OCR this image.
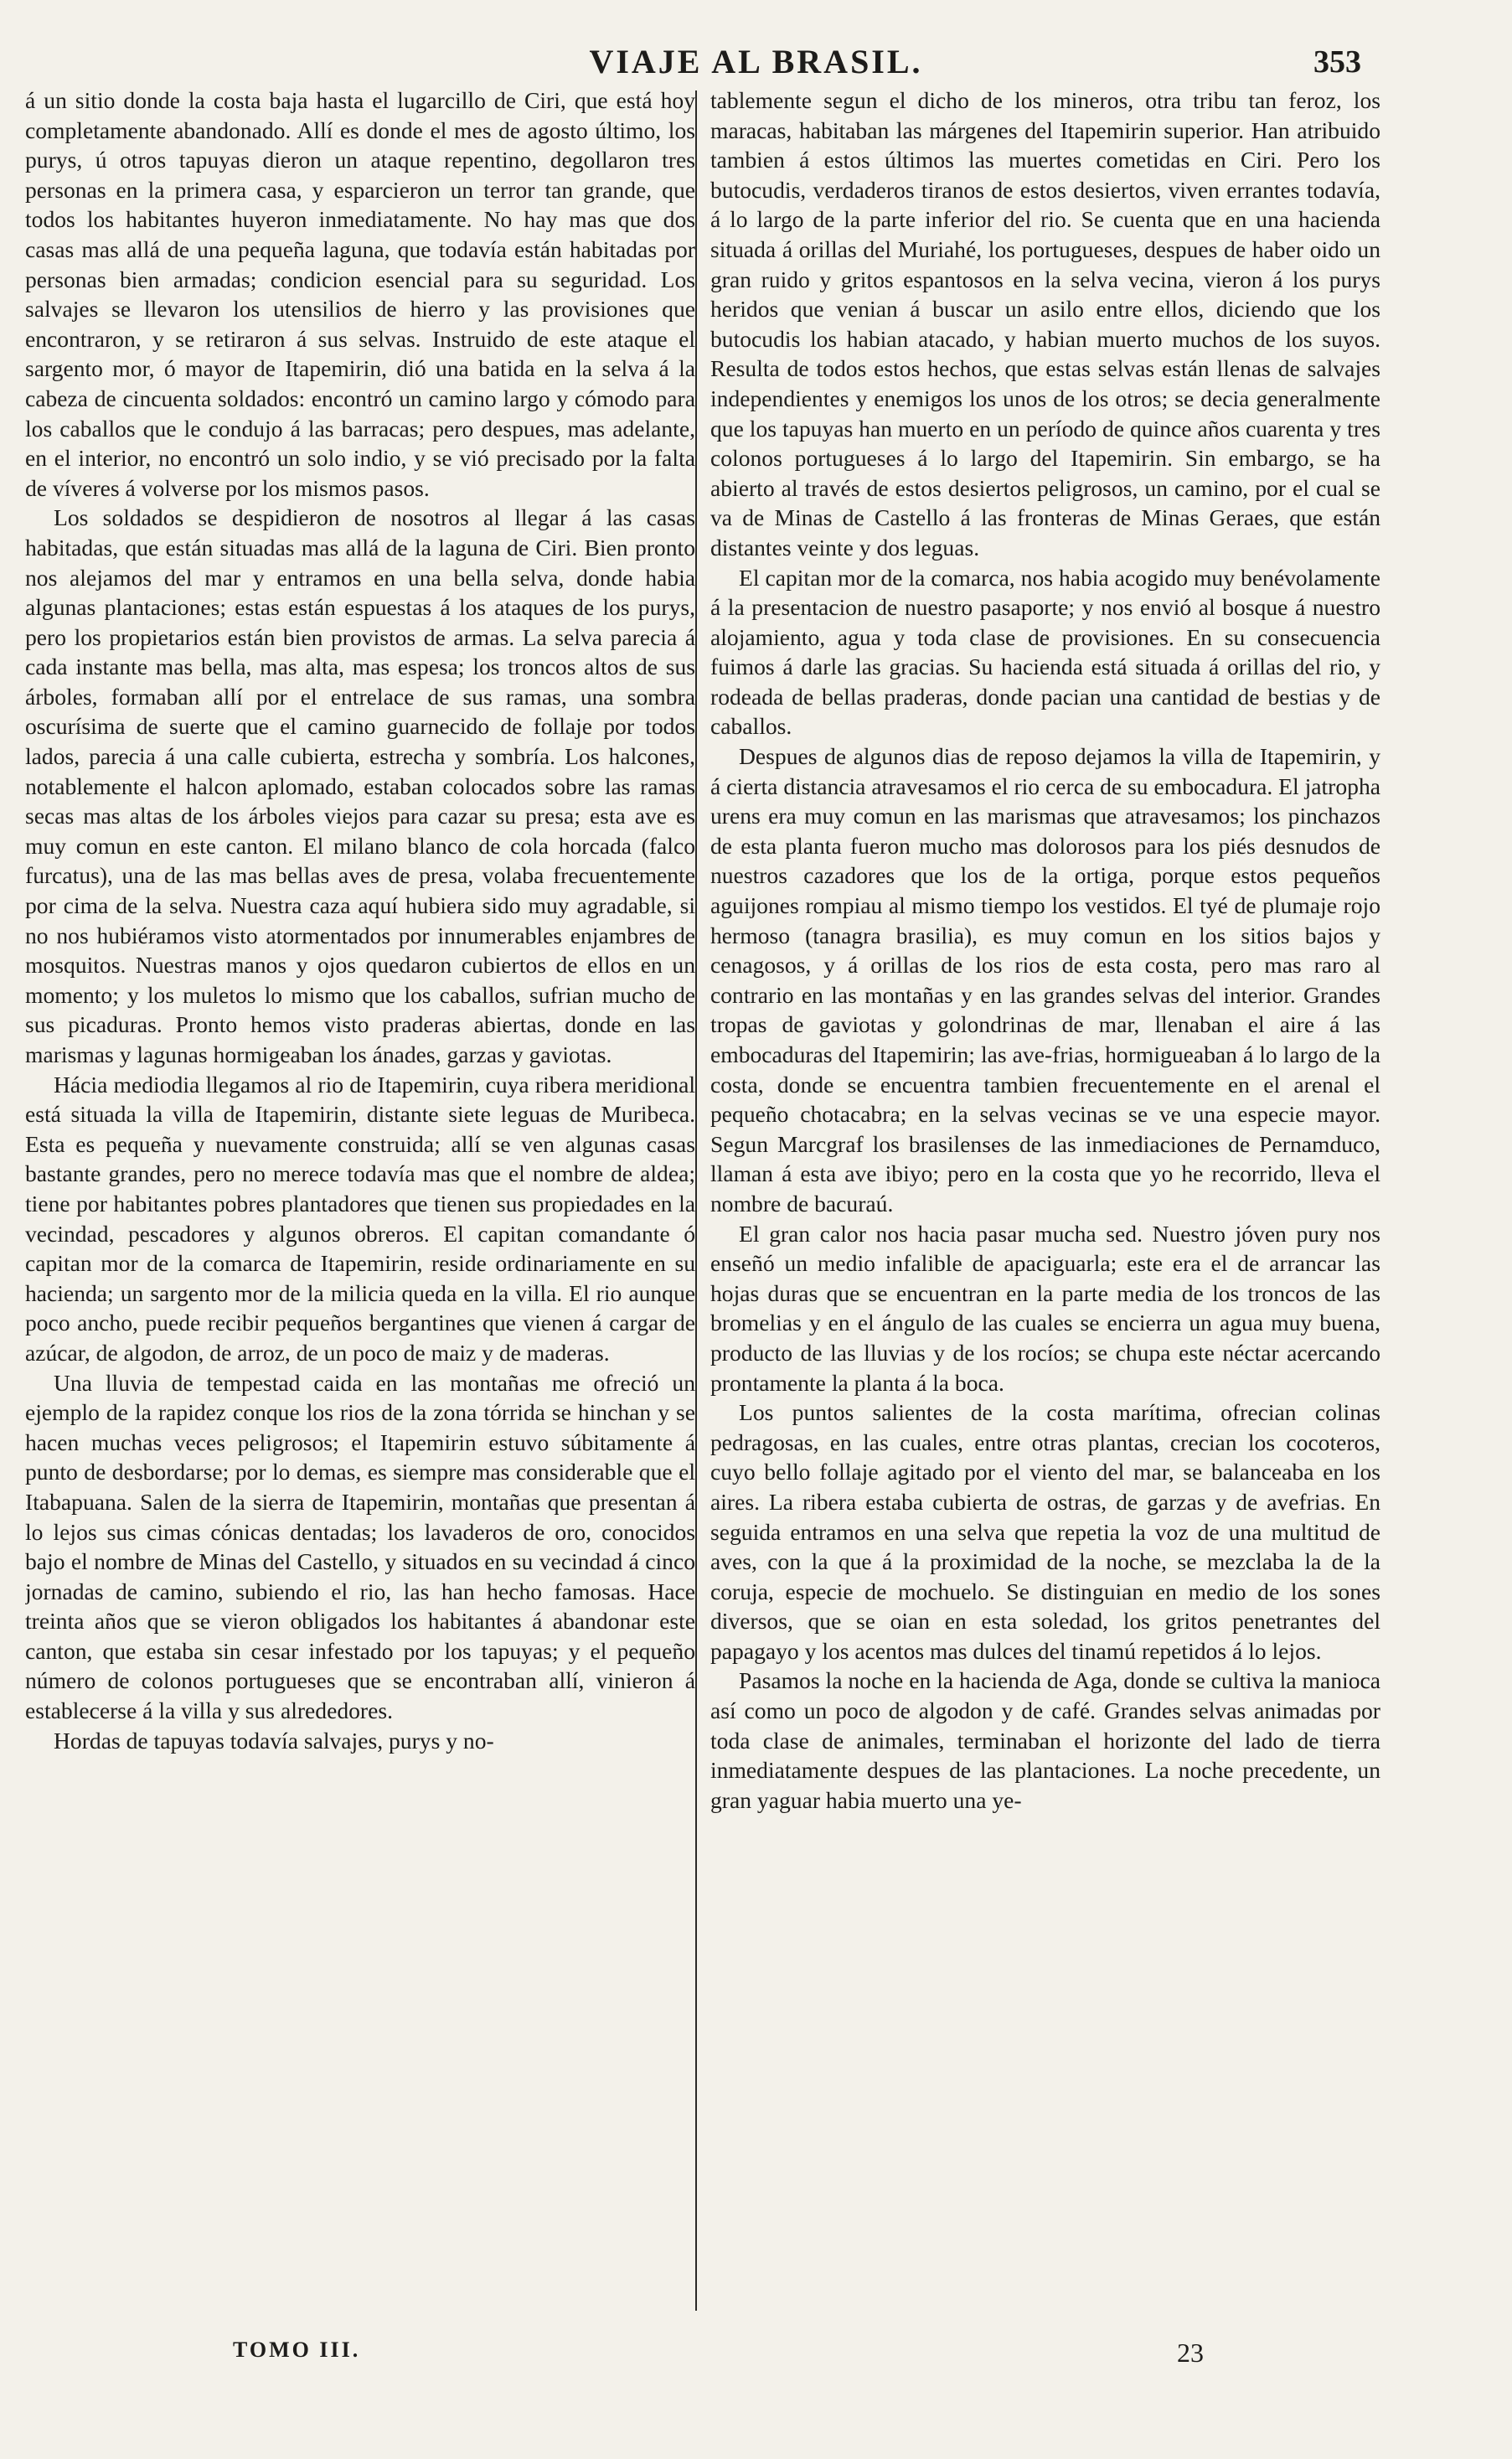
VIAJE AL BRASIL.	353

á un sitio donde la costa baja hasta el lugarcillo de Ciri, que está hoy completamente abandonado. Allí es donde el mes de agosto último, los purys, ú otros tapuyas dieron un ataque repentino, degollaron tres personas en la primera casa, y esparcieron un terror tan grande, que todos los habitantes huyeron inmediatamente. No hay mas que dos casas mas allá de una pequeña laguna, que todavía están habitadas por personas bien armadas; condicion esencial para su seguridad. Los salvajes se llevaron los utensilios de hierro y las provisiones que encontraron, y se retiraron á sus selvas. Instruido de este ataque el sargento mor, ó mayor de Itapemirin, dió una batida en la selva á la cabeza de cincuenta soldados: encontró un camino largo y cómodo para los caballos que le condujo á las barracas; pero despues, mas adelante, en el interior, no encontró un solo indio, y se vió precisado por la falta de víveres á volverse por los mismos pasos.

Los soldados se despidieron de nosotros al llegar á las casas habitadas, que están situadas mas allá de la laguna de Ciri. Bien pronto nos alejamos del mar y entramos en una bella selva, donde habia algunas plantaciones; estas están espuestas á los ataques de los purys, pero los propietarios están bien provistos de armas. La selva parecia á cada instante mas bella, mas alta, mas espesa; los troncos altos de sus árboles, formaban allí por el entrelace de sus ramas, una sombra oscurísima de suerte que el camino guarnecido de follaje por todos lados, parecia á una calle cubierta, estrecha y sombría. Los halcones, notablemente el halcon aplomado, estaban colocados sobre las ramas secas mas altas de los árboles viejos para cazar su presa; esta ave es muy comun en este canton. El milano blanco de cola horcada (falco furcatus), una de las mas bellas aves de presa, volaba frecuentemente por cima de la selva. Nuestra caza aquí hubiera sido muy agradable, si no nos hubiéramos visto atormentados por innumerables enjambres de mosquitos. Nuestras manos y ojos quedaron cubiertos de ellos en un momento; y los muletos lo mismo que los caballos, sufrian mucho de sus picaduras. Pronto hemos visto praderas abiertas, donde en las marismas y lagunas hormigeaban los ánades, garzas y gaviotas.

Hácia mediodia llegamos al rio de Itapemirin, cuya ribera meridional está situada la villa de Itapemirin, distante siete leguas de Muribeca. Esta es pequeña y nuevamente construida; allí se ven algunas casas bastante grandes, pero no merece todavía mas que el nombre de aldea; tiene por habitantes pobres plantadores que tienen sus propiedades en la vecindad, pescadores y algunos obreros. El capitan comandante ó capitan mor de la comarca de Itapemirin, reside ordinariamente en su hacienda; un sargento mor de la milicia queda en la villa. El rio aunque poco ancho, puede recibir pequeños bergantines que vienen á cargar de azúcar, de algodon, de arroz, de un poco de maiz y de maderas.

Una lluvia de tempestad caida en las montañas me ofreció un ejemplo de la rapidez conque los rios de la zona tórrida se hinchan y se hacen muchas veces peligrosos; el Itapemirin estuvo súbitamente á punto de desbordarse; por lo demas, es siempre mas considerable que el Itabapuana. Salen de la sierra de Itapemirin, montañas que presentan á lo lejos sus cimas cónicas dentadas; los lavaderos de oro, conocidos bajo el nombre de Minas del Castello, y situados en su vecindad á cinco jornadas de camino, subiendo el rio, las han hecho famosas. Hace treinta años que se vieron obligados los habitantes á abandonar este canton, que estaba sin cesar infestado por los tapuyas; y el pequeño número de colonos portugueses que se encontraban allí, vinieron á establecerse á la villa y sus alrededores.

Hordas de tapuyas todavía salvajes, purys y no-

tablemente segun el dicho de los mineros, otra tribu tan feroz, los maracas, habitaban las márgenes del Itapemirin superior. Han atribuido tambien á estos últimos las muertes cometidas en Ciri. Pero los butocudis, verdaderos tiranos de estos desiertos, viven errantes todavía, á lo largo de la parte inferior del rio. Se cuenta que en una hacienda situada á orillas del Muriahé, los portugueses, despues de haber oido un gran ruido y gritos espantosos en la selva vecina, vieron á los purys heridos que venian á buscar un asilo entre ellos, diciendo que los butocudis los habian atacado, y habian muerto muchos de los suyos. Resulta de todos estos hechos, que estas selvas están llenas de salvajes independientes y enemigos los unos de los otros; se decia generalmente que los tapuyas han muerto en un período de quince años cuarenta y tres colonos portugueses á lo largo del Itapemirin. Sin embargo, se ha abierto al través de estos desiertos peligrosos, un camino, por el cual se va de Minas de Castello á las fronteras de Minas Geraes, que están distantes veinte y dos leguas.

El capitan mor de la comarca, nos habia acogido muy benévolamente á la presentacion de nuestro pasaporte; y nos envió al bosque á nuestro alojamiento, agua y toda clase de provisiones. En su consecuencia fuimos á darle las gracias. Su hacienda está situada á orillas del rio, y rodeada de bellas praderas, donde pacian una cantidad de bestias y de caballos.

Despues de algunos dias de reposo dejamos la villa de Itapemirin, y á cierta distancia atravesamos el rio cerca de su embocadura. El jatropha urens era muy comun en las marismas que atravesamos; los pinchazos de esta planta fueron mucho mas dolorosos para los piés desnudos de nuestros cazadores que los de la ortiga, porque estos pequeños aguijones rompiau al mismo tiempo los vestidos. El tyé de plumaje rojo hermoso (tanagra brasilia), es muy comun en los sitios bajos y cenagosos, y á orillas de los rios de esta costa, pero mas raro al contrario en las montañas y en las grandes selvas del interior. Grandes tropas de gaviotas y golondrinas de mar, llenaban el aire á las embocaduras del Itapemirin; las ave-frias, hormigueaban á lo largo de la costa, donde se encuentra tambien frecuentemente en el arenal el pequeño chotacabra; en la selvas vecinas se ve una especie mayor. Segun Marcgraf los brasilenses de las inmediaciones de Pernamduco, llaman á esta ave ibiyo; pero en la costa que yo he recorrido, lleva el nombre de bacuraú.

El gran calor nos hacia pasar mucha sed. Nuestro jóven pury nos enseñó un medio infalible de apaciguarla; este era el de arrancar las hojas duras que se encuentran en la parte media de los troncos de las bromelias y en el ángulo de las cuales se encierra un agua muy buena, producto de las lluvias y de los rocíos; se chupa este néctar acercando prontamente la planta á la boca.

Los puntos salientes de la costa marítima, ofrecian colinas pedragosas, en las cuales, entre otras plantas, crecian los cocoteros, cuyo bello follaje agitado por el viento del mar, se balanceaba en los aires. La ribera estaba cubierta de ostras, de garzas y de avefrias. En seguida entramos en una selva que repetia la voz de una multitud de aves, con la que á la proximidad de la noche, se mezclaba la de la coruja, especie de mochuelo. Se distinguian en medio de los sones diversos, que se oian en esta soledad, los gritos penetrantes del papagayo y los acentos mas dulces del tinamú repetidos á lo lejos.

Pasamos la noche en la hacienda de Aga, donde se cultiva la manioca así como un poco de algodon y de café. Grandes selvas animadas por toda clase de animales, terminaban el horizonte del lado de tierra inmediatamente despues de las plantaciones. La noche precedente, un gran yaguar habia muerto una ye-

TOMO III.	23
